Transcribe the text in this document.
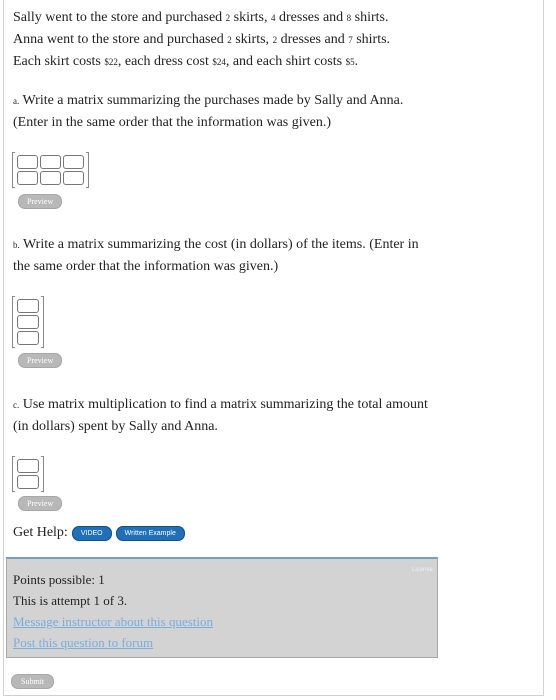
Sally went to the store and purchased 2 skirts, 4 dresses and 8 shirts.

Anna went to the store and purchased 2 skirts, 2 dresses and 7 shirts.

Each skirt costs $22, each dress cost $24, and each shirt costs $5.

a. Write a matrix summarizing the purchases made by Sally and Anna. (Enter in the same order that the information was given.)

Preview

b. Write a matrix summarizing the cost (in dollars) of the items. (Enter in the same order that the information was given.)

Preview

c. Use matrix multiplication to find a matrix summarizing the total amount (in dollars) spent by Sally and Anna.

Preview
Get Help:	VIDEO	Written Example
Points possible: 1
This is attempt 1 of 3.
Message instructor about this question
Post this question to forum
License
Submit
